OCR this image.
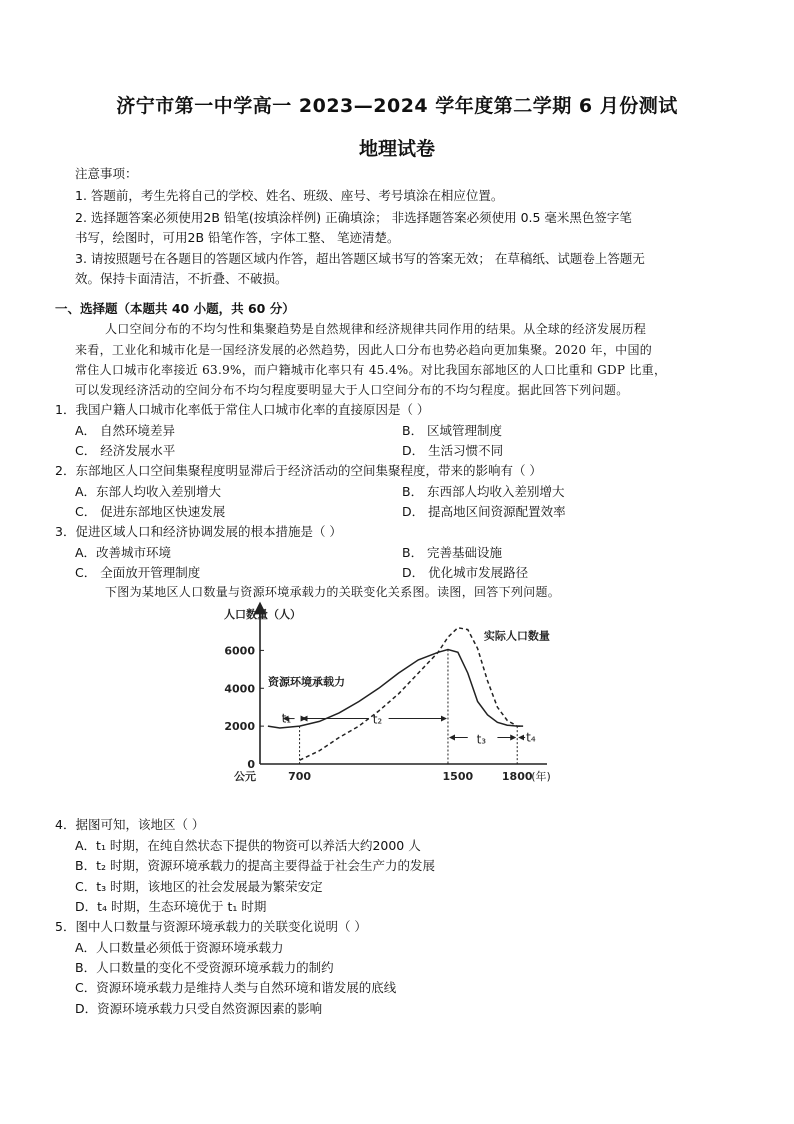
济宁市第一中学高一 2023—2024 学年度第二学期 6 月份测试
地理试卷
注意事项：
1. 答题前，考生先将自己的学校、姓名、班级、座号、考号填涂在相应位置。
2. 选择题答案必须使用2B 铅笔(按填涂样例) 正确填涂； 非选择题答案必须使用 0.5 毫米黑色签字笔
书写，绘图时，可用2B 铅笔作答，字体工整、 笔迹清楚。
3. 请按照题号在各题目的答题区域内作答，超出答题区域书写的答案无效； 在草稿纸、试题卷上答题无
效。保持卡面清洁，不折叠、不破损。
一、选择题（本题共 40 小题，共 60 分）
人口空间分布的不均匀性和集聚趋势是自然规律和经济规律共同作用的结果。从全球的经济发展历程
来看，工业化和城市化是一国经济发展的必然趋势，因此人口分布也势必趋向更加集聚。2020 年，中国的
常住人口城市化率接近 63.9%，而户籍城市化率只有 45.4%。对比我国东部地区的人口比重和 GDP 比重，
可以发现经济活动的空间分布不均匀程度要明显大于人口空间分布的不均匀程度。据此回答下列问题。
1．我国户籍人口城市化率低于常住人口城市化率的直接原因是（ ）
A． 自然环境差异	B． 区域管理制度
C． 经济发展水平	D． 生活习惯不同
2．东部地区人口空间集聚程度明显滞后于经济活动的空间集聚程度，带来的影响有（ ）
A．东部人均收入差别增大	B． 东西部人均收入差别增大
C． 促进东部地区快速发展	D． 提高地区间资源配置效率
3．促进区域人口和经济协调发展的根本措施是（ ）
A．改善城市环境	B． 完善基础设施
C． 全面放开管理制度	D． 优化城市发展路径
下图为某地区人口数量与资源环境承载力的关联变化关系图。读图，回答下列问题。
0
2000
4000
6000
700	1500	1800
(年)
公元
人口数量（人）
实际人口数量
资源环境承载力
t₁	t₂
t₃	t₄
4．据图可知，该地区（ ）
A．t₁ 时期，在纯自然状态下提供的物资可以养活大约2000 人
B．t₂ 时期，资源环境承载力的提高主要得益于社会生产力的发展
C．t₃ 时期，该地区的社会发展最为繁荣安定
D．t₄ 时期，生态环境优于 t₁ 时期
5．图中人口数量与资源环境承载力的关联变化说明（ ）
A．人口数量必须低于资源环境承载力
B．人口数量的变化不受资源环境承载力的制约
C．资源环境承载力是维持人类与自然环境和谐发展的底线
D．资源环境承载力只受自然资源因素的影响
